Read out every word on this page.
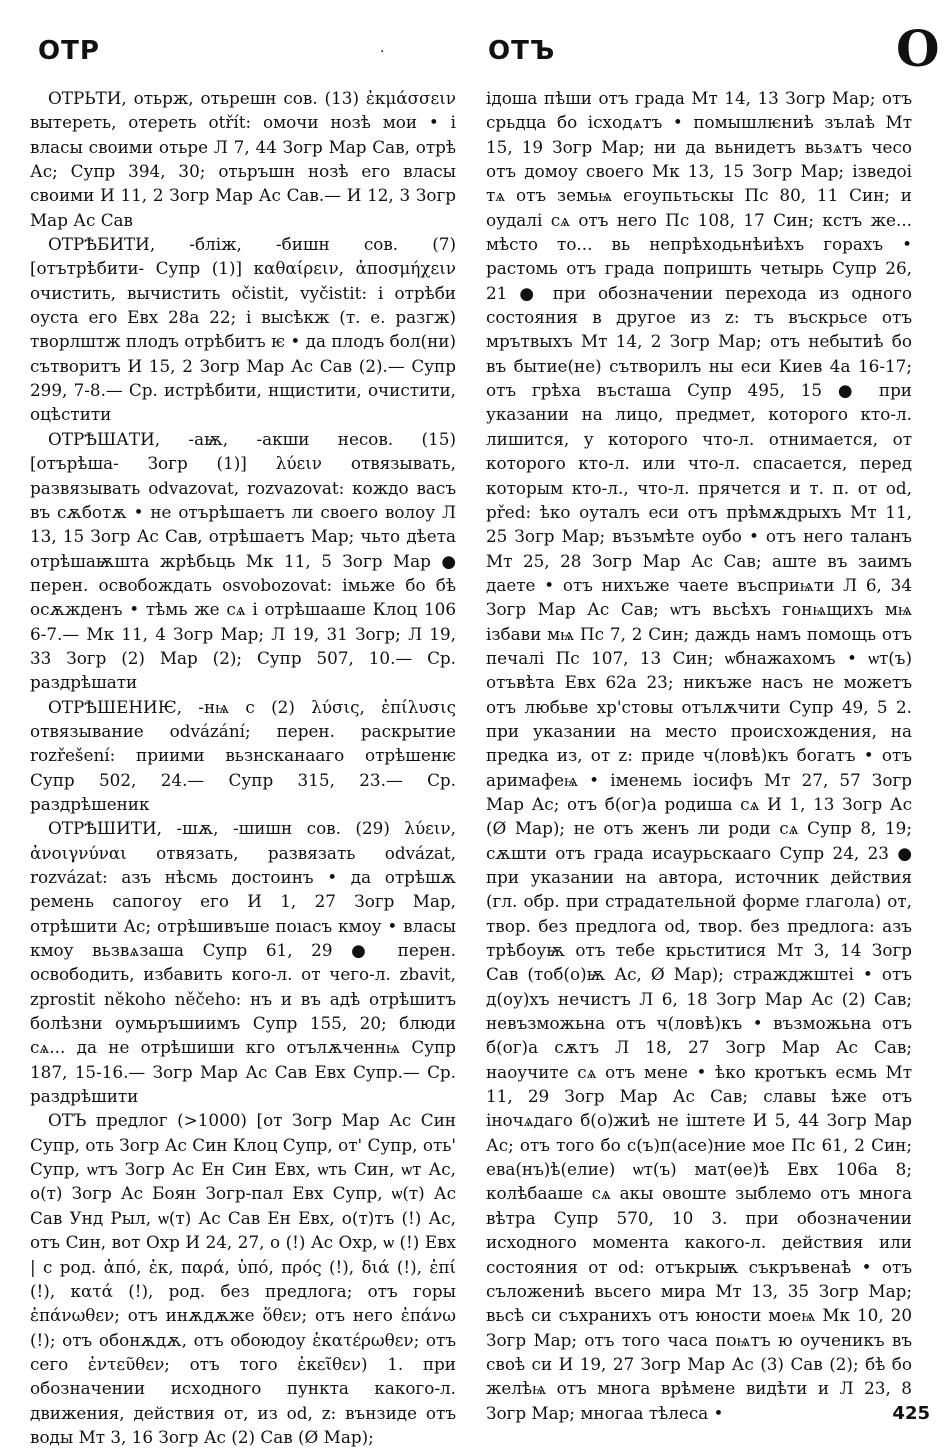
ОТР	·	ОТЪ	О

ОТРЬТИ, отьрж, отьрешн сов. (13) ἐκμάσσειν вытереть, отереть otřít: омочи нозѣ мои • і власы своими отьре Л 7, 44 Зогр Мар Сав, отрѣ Ас; Супр 394, 30; отьръшн нозѣ его власы своими И 11, 2 Зогр Мар Ас Сав.— И 12, 3 Зогр Мар Ас Сав

ОТРѢБИТИ, -бліж, -бишн сов. (7) [отътрѣбити- Супр (1)] καθαίρειν, ἀποσμήχειν очистить, вычистить očistit, vyčistit: і отрѣби оуста его Евх 28а 22; і высѣкж (т. е. разгж) творлштж плодъ отрѣбитъ ѥ • да плодъ бол(ни) сътворитъ И 15, 2 Зогр Мар Ас Сав (2).— Супр 299, 7-8.— Ср. истрѣбити, нщистити, очистити, оцѣстити

ОТРѢШАТИ, -аѭ, -акши несов. (15) [отърѣша- Зогр (1)] λύειν отвязывать, развязывать odvazovat, rozvazovat: кождо васъ въ сѫботѫ • не отърѣшаетъ ли своего волоу Л 13, 15 Зогр Ас Сав, отрѣшаетъ Мар; чьто дѣета отрѣшаѭшта жрѣбьць Мк 11, 5 Зогр Мар ● перен. освобождать osvobozovat: імьже бо бѣ осѫжденъ • тѣмь же сѧ і отрѣшааше Клоц 106 6-7.— Мк 11, 4 Зогр Мар; Л 19, 31 Зогр; Л 19, 33 Зогр (2) Мар (2); Супр 507, 10.— Ср. раздрѣшати

ОТРѢШЕНИѤ, -нѩ с (2) λύσις, ἐπίλυσις отвязывание odvázání; перен. раскрытие rozřešení: приими вьзнсканааго отрѣшенѥ Супр 502, 24.— Супр 315, 23.— Ср. раздрѣшеник

ОТРѢШИТИ, -шѫ, -шишн сов. (29) λύειν, ἀνοιγνύναι отвязать, развязать odvázat, rozvázat: азъ нѣсмь достоинъ • да отрѣшѫ ремень сапогоу его И 1, 27 Зогр Мар, отрѣшити Ас; отрѣшивъше поıасъ кмоу • власы кмоу вьзвѧзаша Супр 61, 29 ● перен. освободить, избавить кого-л. от чего-л. zbavit, zprostit někoho něčeho: нъ и въ адѣ отрѣшитъ болѣзни оумьръшиимъ Супр 155, 20; блюди сѧ... да не отрѣшиши кго отълѫченнѩ Супр 187, 15-16.— Зогр Мар Ас Сав Евх Супр.— Ср. раздрѣшити

ОТЪ предлог (>1000) [от Зогр Мар Ас Син Супр, оть Зогр Ас Син Клоц Супр, от' Супр, оть' Супр, ѡтъ Зогр Ас Ен Син Евх, ѡть Син, ѡт Ас, о(т) Зогр Ас Боян Зогр-пал Евх Супр, ѡ(т) Ас Сав Унд Рыл, ѡ(т) Ас Сав Ен Евх, о(т)тъ (!) Ас, отъ Син, вот Охр И 24, 27, о (!) Ас Охр, ѡ (!) Евх | с род. ἀπό, ἐκ, παρά, ὑπό, πρός (!), διά (!), ἐπί (!), κατά (!), род. без предлога; отъ горы ἐπάνωθεν; отъ инѫдѫже ὅθεν; отъ него ἐπάνω (!); отъ обонѫдѫ, отъ обоюдоу ἑκατέρωθεν; отъ сего ἐντεῦθεν; отъ того ἐκεῖθεν) 1. при обозначении исходного пункта какого-л. движения, действия от, из od, z: вънзиде отъ воды Мт 3, 16 Зогр Ас (2) Сав (Ø Мар);

ідоша пѣши отъ града Мт 14, 13 Зогр Мар; отъ срьдца бо ісходѧтъ • помышлѥниѣ зълаѣ Мт 15, 19 Зогр Мар; ни да вьнидетъ вьзѧтъ чесо отъ домоу своего Мк 13, 15 Зогр Мар; ізведоі тѧ отъ земьѩ егоупьтьскы Пс 80, 11 Син; и оудалі сѧ отъ него Пс 108, 17 Син; кстъ же... мѣсто то... вь непрѣходьнѣиѣхъ горахъ • растомь отъ града попришть четырь Супр 26, 21 ● при обозначении перехода из одного состояния в другое из z: тъ въскрьсе отъ мрътвыхъ Мт 14, 2 Зогр Мар; отъ небытиѣ бо въ бытие(не) сътворилъ ны еси Киев 4а 16-17; отъ грѣха въсташа Супр 495, 15 ● при указании на лицо, предмет, которого кто-л. лишится, у которого что-л. отнимается, от которого кто-л. или что-л. спасается, перед которым кто-л., что-л. прячется и т. п. от od, před: ѣко оуталъ еси отъ прѣмѫдрыхъ Мт 11, 25 Зогр Мар; възъмѣте оубо • отъ него таланъ Мт 25, 28 Зогр Мар Ас Сав; аште въ заимъ даете • отъ нихъже чаете въсприѩти Л 6, 34 Зогр Мар Ас Сав; ѡтъ вьсѣхъ гонѩщихъ мѩ ізбави мѩ Пс 7, 2 Син; даждь намъ помощь отъ печалі Пс 107, 13 Син; ѡбнажахомъ • ѡт(ъ) отъвѣта Евх 62а 23; никъже насъ не можетъ отъ любьве хр'стовы отълѫчити Супр 49, 5 2. при указании на место происхождения, на предка из, от z: приде ч(ловѣ)къ богатъ • отъ аримафеѩ • іменемь іосифъ Мт 27, 57 Зогр Мар Ас; отъ б(ог)а родиша сѧ И 1, 13 Зогр Ас (Ø Мар); не отъ женъ ли роди сѧ Супр 8, 19; сѫшти отъ града исаурьскааго Супр 24, 23 ● при указании на автора, источник действия (гл. обр. при страдательной форме глагола) от, твор. без предлога od, твор. без предлога: азъ трѣбоуѭ отъ тебе крьститися Мт 3, 14 Зогр Сав (тоб(о)ѭ Ас, Ø Мар); стражджштеі • отъ д(оу)хъ нечистъ Л 6, 18 Зогр Мар Ас (2) Сав; невъзможьна отъ ч(ловѣ)къ • възможьна отъ б(ог)а сѫтъ Л 18, 27 Зогр Мар Ас Сав; наоучите сѧ отъ мене • ѣко кротъкъ есмь Мт 11, 29 Зогр Мар Ас Сав; славы ѣже отъ іночѧдаго б(о)жиѣ не іштете И 5, 44 Зогр Мар Ас; отъ того бо с(ъ)п(асе)ние мое Пс 61, 2 Син; ева(нъ)ѣ(елие) ѡт(ъ) мат(ѳе)ѣ Евх 106а 8; колѣбааше сѧ акы овоште зыблемо отъ многа вѣтра Супр 570, 10 3. при обозначении исходного момента какого-л. действия или состояния от od: отъкрыѭ съкръвенаѣ • отъ съложениѣ вьсего мира Мт 13, 35 Зогр Мар; вьсѣ си съхранихъ отъ юности моеѩ Мк 10, 20 Зогр Мар; отъ того часа поѩтъ ю оученикъ въ своѣ си И 19, 27 Зогр Мар Ас (3) Сав (2); бѣ бо желѣѩ отъ многа врѣмене видѣти и Л 23, 8 Зогр Мар; многаа тѣлеса •	425
